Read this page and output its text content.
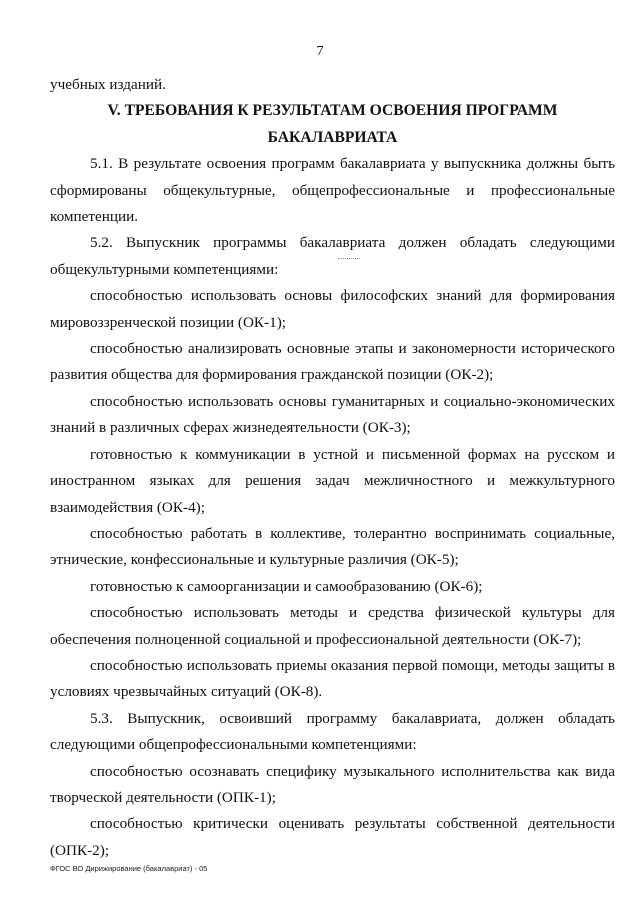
7

учебных изданий.

V. ТРЕБОВАНИЯ К РЕЗУЛЬТАТАМ ОСВОЕНИЯ ПРОГРАММ БАКАЛАВРИАТА

5.1. В результате освоения программ бакалавриата у выпускника должны быть сформированы общекультурные, общепрофессиональные и профессиональные компетенции.

5.2. Выпускник программы бакалавриата должен обладать следующими общекультурными компетенциями:

способностью использовать основы философских знаний для формирования мировоззренческой позиции (ОК-1);

способностью анализировать основные этапы и закономерности исторического развития общества для формирования гражданской позиции (ОК-2);

способностью использовать основы гуманитарных и социально-экономических знаний в различных сферах жизнедеятельности (ОК-3);

готовностью к коммуникации в устной и письменной формах на русском и иностранном языках для решения задач межличностного и межкультурного взаимодействия (ОК-4);

способностью работать в коллективе, толерантно воспринимать социальные, этнические, конфессиональные и культурные различия (ОК-5);

готовностью к самоорганизации и самообразованию (ОК-6);

способностью использовать методы и средства физической культуры для обеспечения полноценной социальной и профессиональной деятельности (ОК-7);

способностью использовать приемы оказания первой помощи, методы защиты в условиях чрезвычайных ситуаций (ОК-8).

5.3. Выпускник, освоивший программу бакалавриата, должен обладать следующими общепрофессиональными компетенциями:

способностью осознавать специфику музыкального исполнительства как вида творческой деятельности (ОПК-1);

способностью критически оценивать результаты собственной деятельности (ОПК-2);

ФГОС ВО Дирижирование (бакалавриат) - 05
